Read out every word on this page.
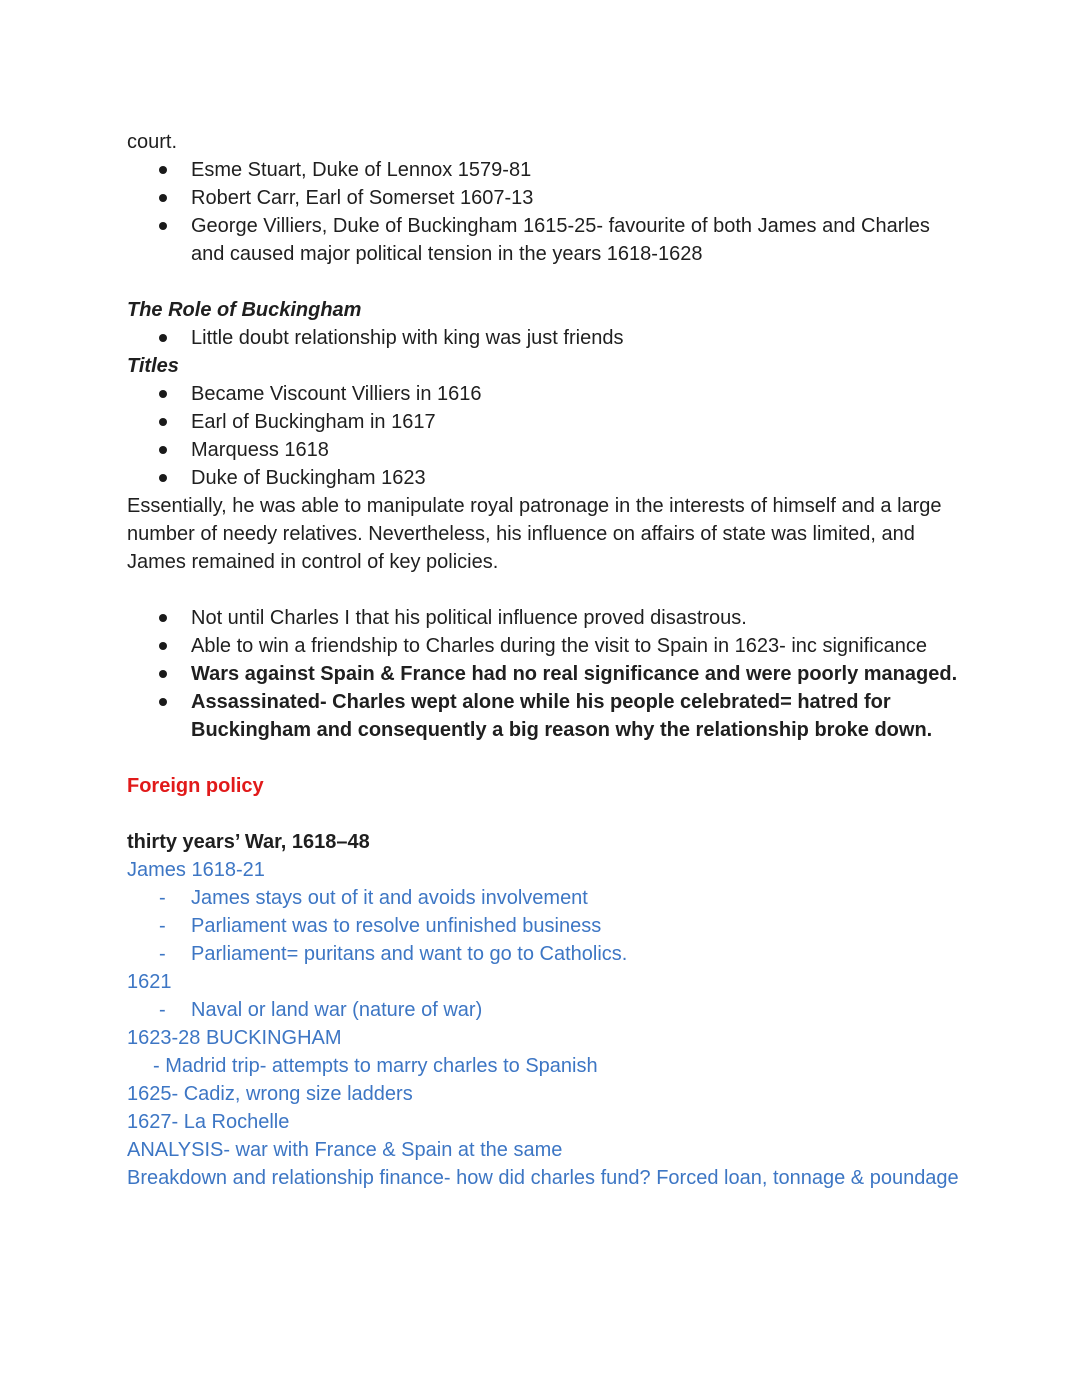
court.
Esme Stuart, Duke of Lennox 1579-81
Robert Carr, Earl of Somerset 1607-13
George Villiers, Duke of Buckingham 1615-25- favourite of both James and Charles and caused major political tension in the years 1618-1628
The Role of Buckingham
Little doubt relationship with king was just friends
Titles
Became Viscount Villiers in 1616
Earl of Buckingham in 1617
Marquess 1618
Duke of Buckingham 1623
Essentially, he was able to manipulate royal patronage in the interests of himself and a large number of needy relatives. Nevertheless, his influence on affairs of state was limited, and James remained in control of key policies.
Not until Charles I that his political influence proved disastrous.
Able to win a friendship to Charles during the visit to Spain in 1623- inc significance
Wars against Spain & France had no real significance and were poorly managed.
Assassinated- Charles wept alone while his people celebrated= hatred for Buckingham and consequently a big reason why the relationship broke down.
Foreign policy
thirty years’ War, 1618–48
James 1618-21
- James stays out of it and avoids involvement
- Parliament was to resolve unfinished business
- Parliament= puritans and want to go to Catholics.
1621
- Naval or land war (nature of war)
1623-28 BUCKINGHAM
- Madrid trip- attempts to marry charles to Spanish
1625- Cadiz, wrong size ladders
1627- La Rochelle
ANALYSIS- war with France & Spain at the same
Breakdown and relationship finance- how did charles fund? Forced loan, tonnage & poundage
